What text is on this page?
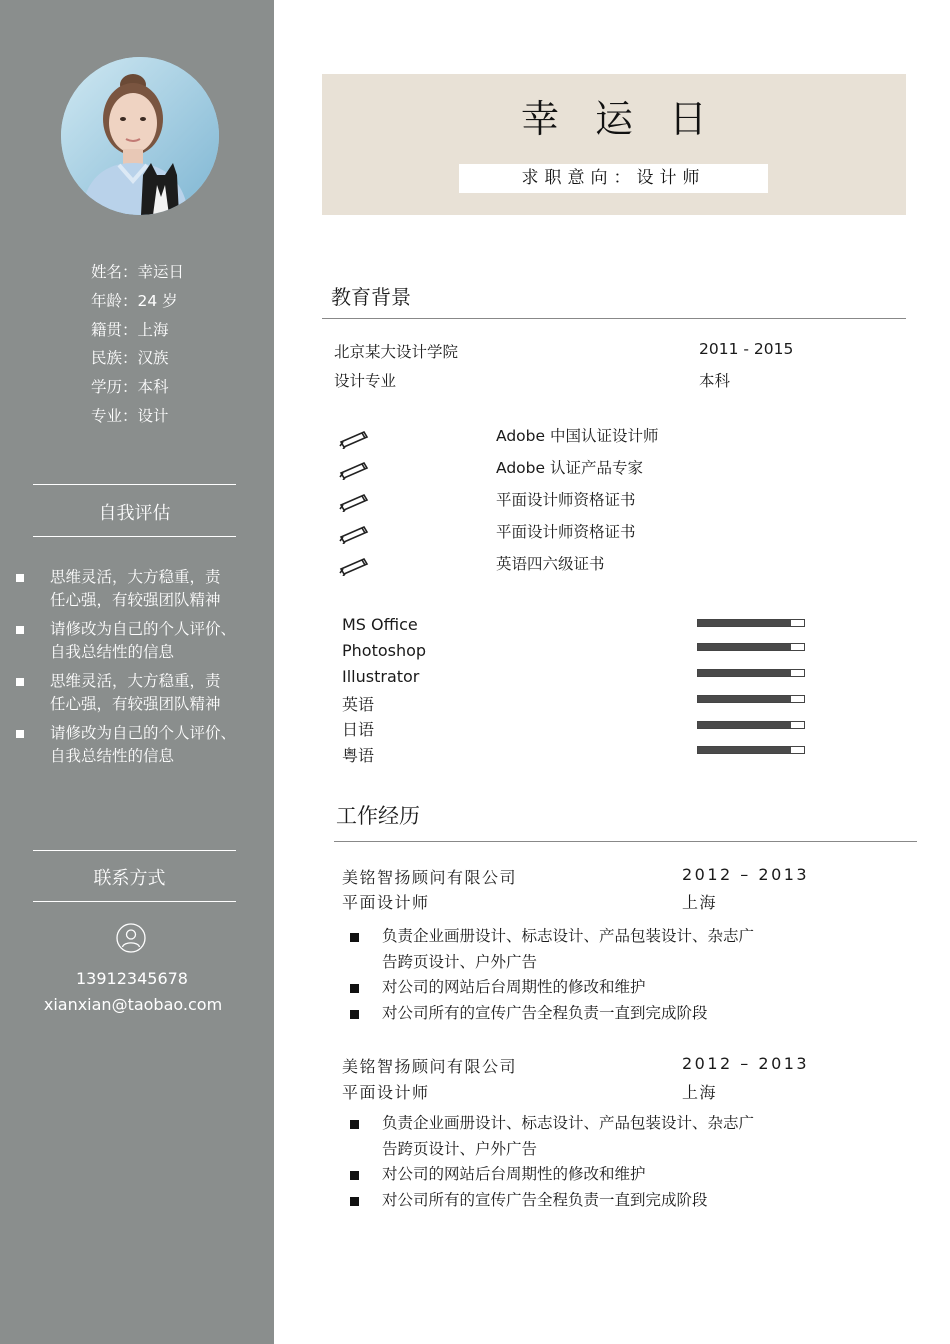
姓名：幸运日
年龄：24 岁
籍贯：上海
民族：汉族
学历：本科
专业：设计
自我评估
思维灵活，大方稳重，责
任心强，有较强团队精神
请修改为自己的个人评价、
自我总结性的信息
思维灵活，大方稳重，责
任心强，有较强团队精神
请修改为自己的个人评价、
自我总结性的信息
联系方式
13912345678
xianxian@taobao.com
幸运日
求职意向：设计师
教育背景
北京某大设计学院	2011 - 2015
设计专业	本科
Adobe 中国认证设计师
Adobe 认证产品专家
平面设计师资格证书
平面设计师资格证书
英语四六级证书
MS Office
Photoshop
Illustrator
英语
日语
粤语
工作经历
美铭智扬顾问有限公司	2012 – 2013
平面设计师	上海
负责企业画册设计、标志设计、产品包装设计、杂志广
告跨页设计、户外广告
对公司的网站后台周期性的修改和维护
对公司所有的宣传广告全程负责一直到完成阶段
美铭智扬顾问有限公司	2012 – 2013
平面设计师	上海
负责企业画册设计、标志设计、产品包装设计、杂志广
告跨页设计、户外广告
对公司的网站后台周期性的修改和维护
对公司所有的宣传广告全程负责一直到完成阶段
